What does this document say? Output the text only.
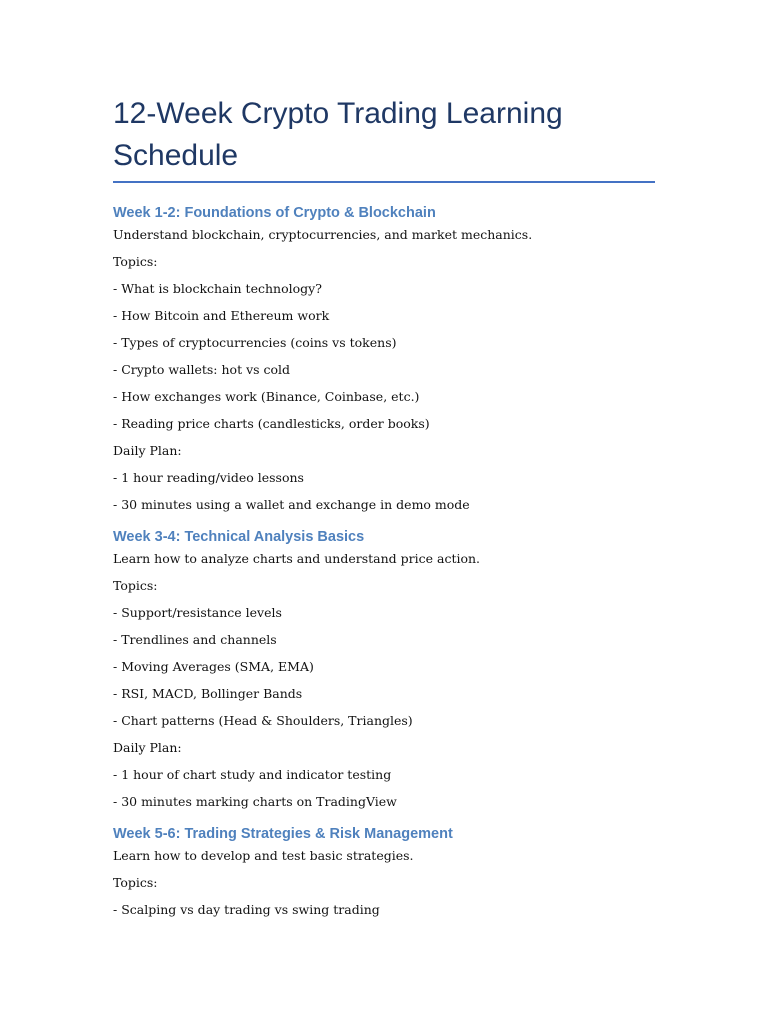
12-Week Crypto Trading Learning Schedule
Week 1-2: Foundations of Crypto & Blockchain

Understand blockchain, cryptocurrencies, and market mechanics.

Topics:

- What is blockchain technology?

- How Bitcoin and Ethereum work

- Types of cryptocurrencies (coins vs tokens)

- Crypto wallets: hot vs cold

- How exchanges work (Binance, Coinbase, etc.)

- Reading price charts (candlesticks, order books)

Daily Plan:

- 1 hour reading/video lessons

- 30 minutes using a wallet and exchange in demo mode

Week 3-4: Technical Analysis Basics

Learn how to analyze charts and understand price action.

Topics:

- Support/resistance levels

- Trendlines and channels

- Moving Averages (SMA, EMA)

- RSI, MACD, Bollinger Bands

- Chart patterns (Head & Shoulders, Triangles)

Daily Plan:

- 1 hour of chart study and indicator testing

- 30 minutes marking charts on TradingView

Week 5-6: Trading Strategies & Risk Management

Learn how to develop and test basic strategies.

Topics:

- Scalping vs day trading vs swing trading
